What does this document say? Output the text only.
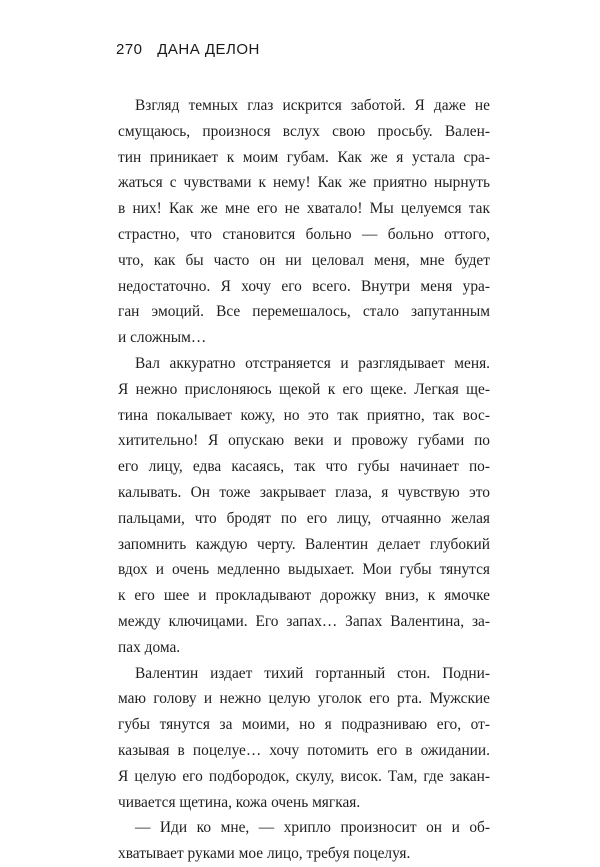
270 ДАНА ДЕЛОН
Взгляд темных глаз искрится заботой. Я даже не
смущаюсь, произнося вслух свою просьбу. Вален-
тин приникает к моим губам. Как же я устала сра-
жаться с чувствами к нему! Как же приятно нырнуть
в них! Как же мне его не хватало! Мы целуемся так
страстно, что становится больно — больно оттого,
что, как бы часто он ни целовал меня, мне будет
недостаточно. Я хочу его всего. Внутри меня ура-
ган эмоций. Все перемешалось, стало запутанным
и сложным…
Вал аккуратно отстраняется и разглядывает меня.
Я нежно прислоняюсь щекой к его щеке. Легкая ще-
тина покалывает кожу, но это так приятно, так вос-
хитительно! Я опускаю веки и провожу губами по
его лицу, едва касаясь, так что губы начинает по-
калывать. Он тоже закрывает глаза, я чувствую это
пальцами, что бродят по его лицу, отчаянно желая
запомнить каждую черту. Валентин делает глубокий
вдох и очень медленно выдыхает. Мои губы тянутся
к его шее и прокладывают дорожку вниз, к ямочке
между ключицами. Его запах… Запах Валентина, за-
пах дома.
Валентин издает тихий гортанный стон. Подни-
маю голову и нежно целую уголок его рта. Мужские
губы тянутся за моими, но я подразниваю его, от-
казывая в поцелуе… хочу потомить его в ожидании.
Я целую его подбородок, скулу, висок. Там, где закан-
чивается щетина, кожа очень мягкая.
— Иди ко мне, — хрипло произносит он и об-
хватывает руками мое лицо, требуя поцелуя.
